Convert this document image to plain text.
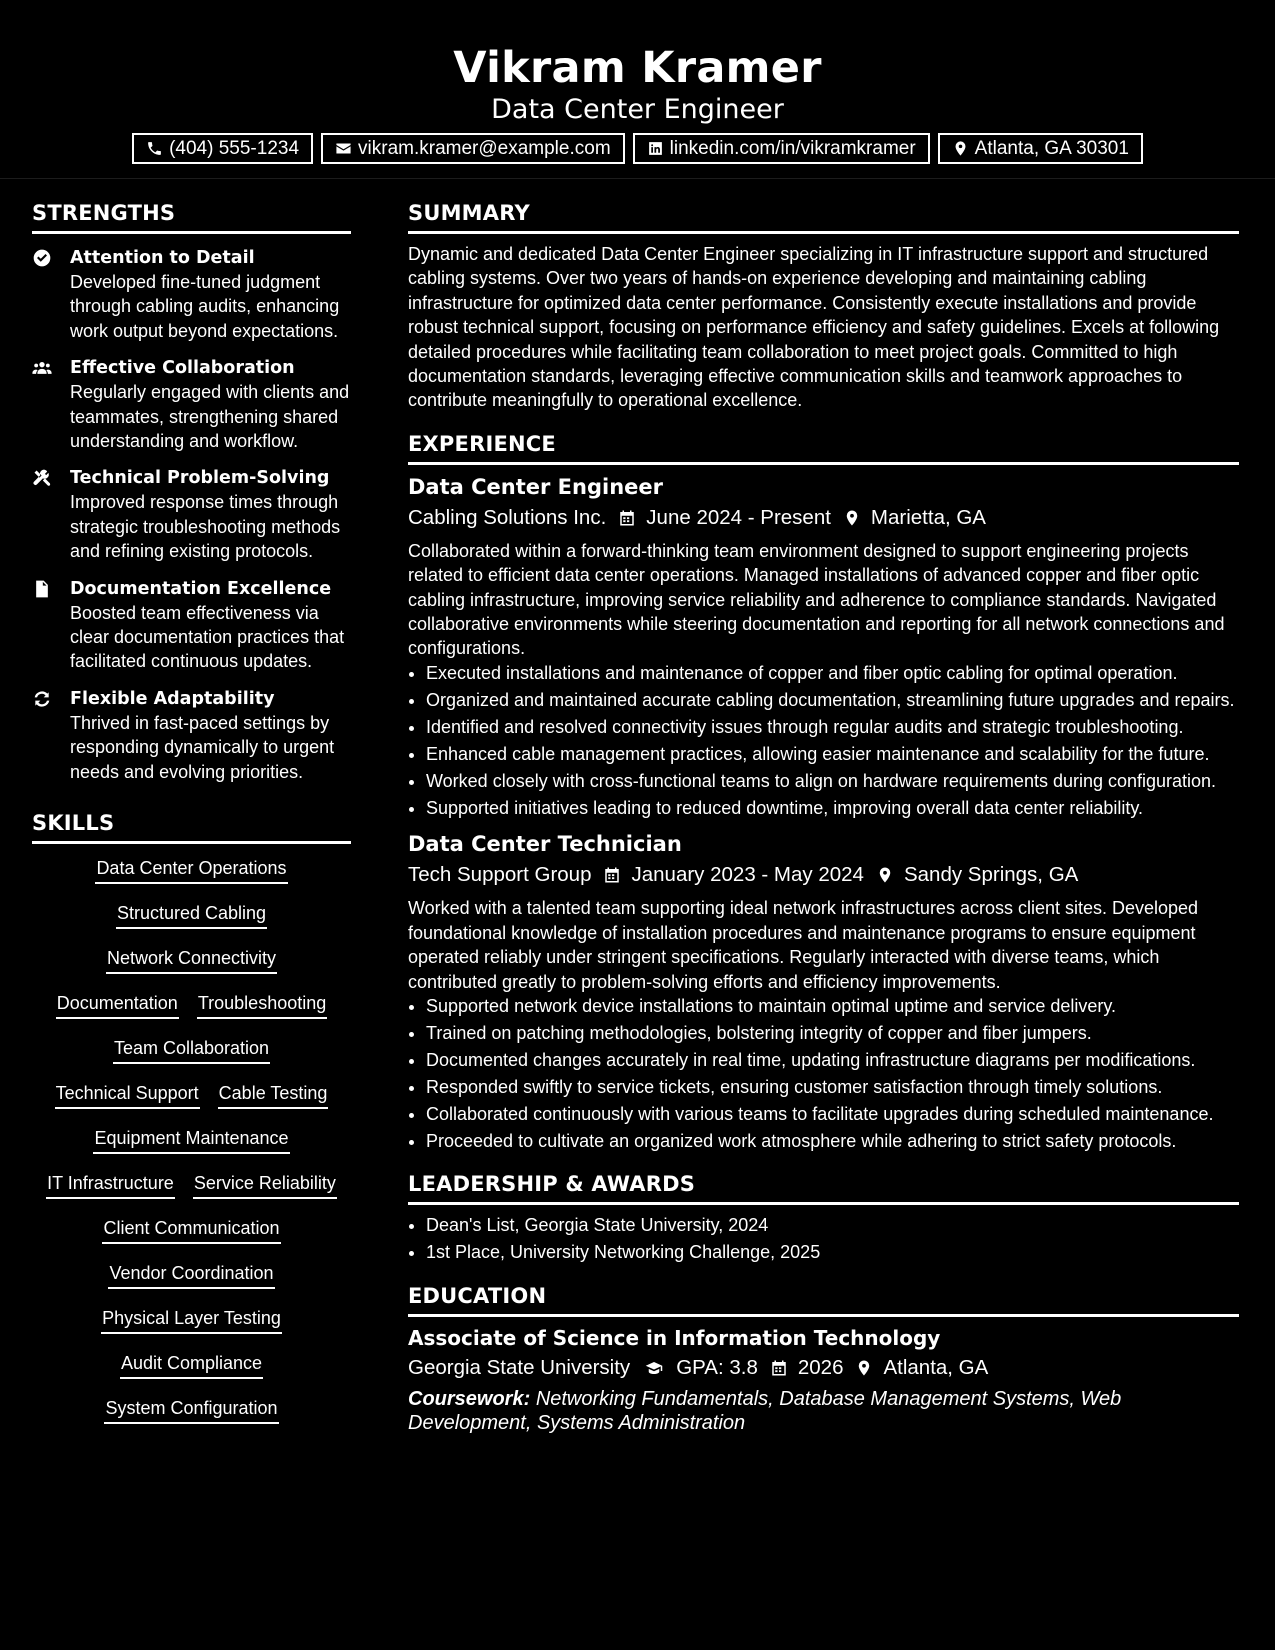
Vikram Kramer
Data Center Engineer
(404) 555-1234	vikram.kramer@example.com	linkedin.com/in/vikramkramer	Atlanta, GA 30301
STRENGTHS
Attention to Detail
Developed fine-tuned judgment through cabling audits, enhancing work output beyond expectations.
Effective Collaboration
Regularly engaged with clients and teammates, strengthening shared understanding and workflow.
Technical Problem-Solving
Improved response times through strategic troubleshooting methods and refining existing protocols.
Documentation Excellence
Boosted team effectiveness via clear documentation practices that facilitated continuous updates.
Flexible Adaptability
Thrived in fast-paced settings by responding dynamically to urgent needs and evolving priorities.
SKILLS
Data Center Operations
Structured Cabling
Network Connectivity
Documentation Troubleshooting
Team Collaboration
Technical Support Cable Testing
Equipment Maintenance
IT Infrastructure Service Reliability
Client Communication
Vendor Coordination
Physical Layer Testing
Audit Compliance
System Configuration
SUMMARY
Dynamic and dedicated Data Center Engineer specializing in IT infrastructure support and structured cabling systems. Over two years of hands-on experience developing and maintaining cabling infrastructure for optimized data center performance. Consistently execute installations and provide robust technical support, focusing on performance efficiency and safety guidelines. Excels at following detailed procedures while facilitating team collaboration to meet project goals. Committed to high documentation standards, leveraging effective communication skills and teamwork approaches to contribute meaningfully to operational excellence.
EXPERIENCE
Data Center Engineer
Cabling Solutions Inc. June 2024 - Present Marietta, GA
Collaborated within a forward-thinking team environment designed to support engineering projects related to efficient data center operations. Managed installations of advanced copper and fiber optic cabling infrastructure, improving service reliability and adherence to compliance standards. Navigated collaborative environments while steering documentation and reporting for all network connections and configurations.
• Executed installations and maintenance of copper and fiber optic cabling for optimal operation.
• Organized and maintained accurate cabling documentation, streamlining future upgrades and repairs.
• Identified and resolved connectivity issues through regular audits and strategic troubleshooting.
• Enhanced cable management practices, allowing easier maintenance and scalability for the future.
• Worked closely with cross-functional teams to align on hardware requirements during configuration.
• Supported initiatives leading to reduced downtime, improving overall data center reliability.
Data Center Technician
Tech Support Group January 2023 - May 2024 Sandy Springs, GA
Worked with a talented team supporting ideal network infrastructures across client sites. Developed foundational knowledge of installation procedures and maintenance programs to ensure equipment operated reliably under stringent specifications. Regularly interacted with diverse teams, which contributed greatly to problem-solving efforts and efficiency improvements.
• Supported network device installations to maintain optimal uptime and service delivery.
• Trained on patching methodologies, bolstering integrity of copper and fiber jumpers.
• Documented changes accurately in real time, updating infrastructure diagrams per modifications.
• Responded swiftly to service tickets, ensuring customer satisfaction through timely solutions.
• Collaborated continuously with various teams to facilitate upgrades during scheduled maintenance.
• Proceeded to cultivate an organized work atmosphere while adhering to strict safety protocols.
LEADERSHIP & AWARDS
• Dean's List, Georgia State University, 2024
• 1st Place, University Networking Challenge, 2025
EDUCATION
Associate of Science in Information Technology
Georgia State University GPA: 3.8 2026 Atlanta, GA
Coursework: Networking Fundamentals, Database Management Systems, Web Development, Systems Administration
